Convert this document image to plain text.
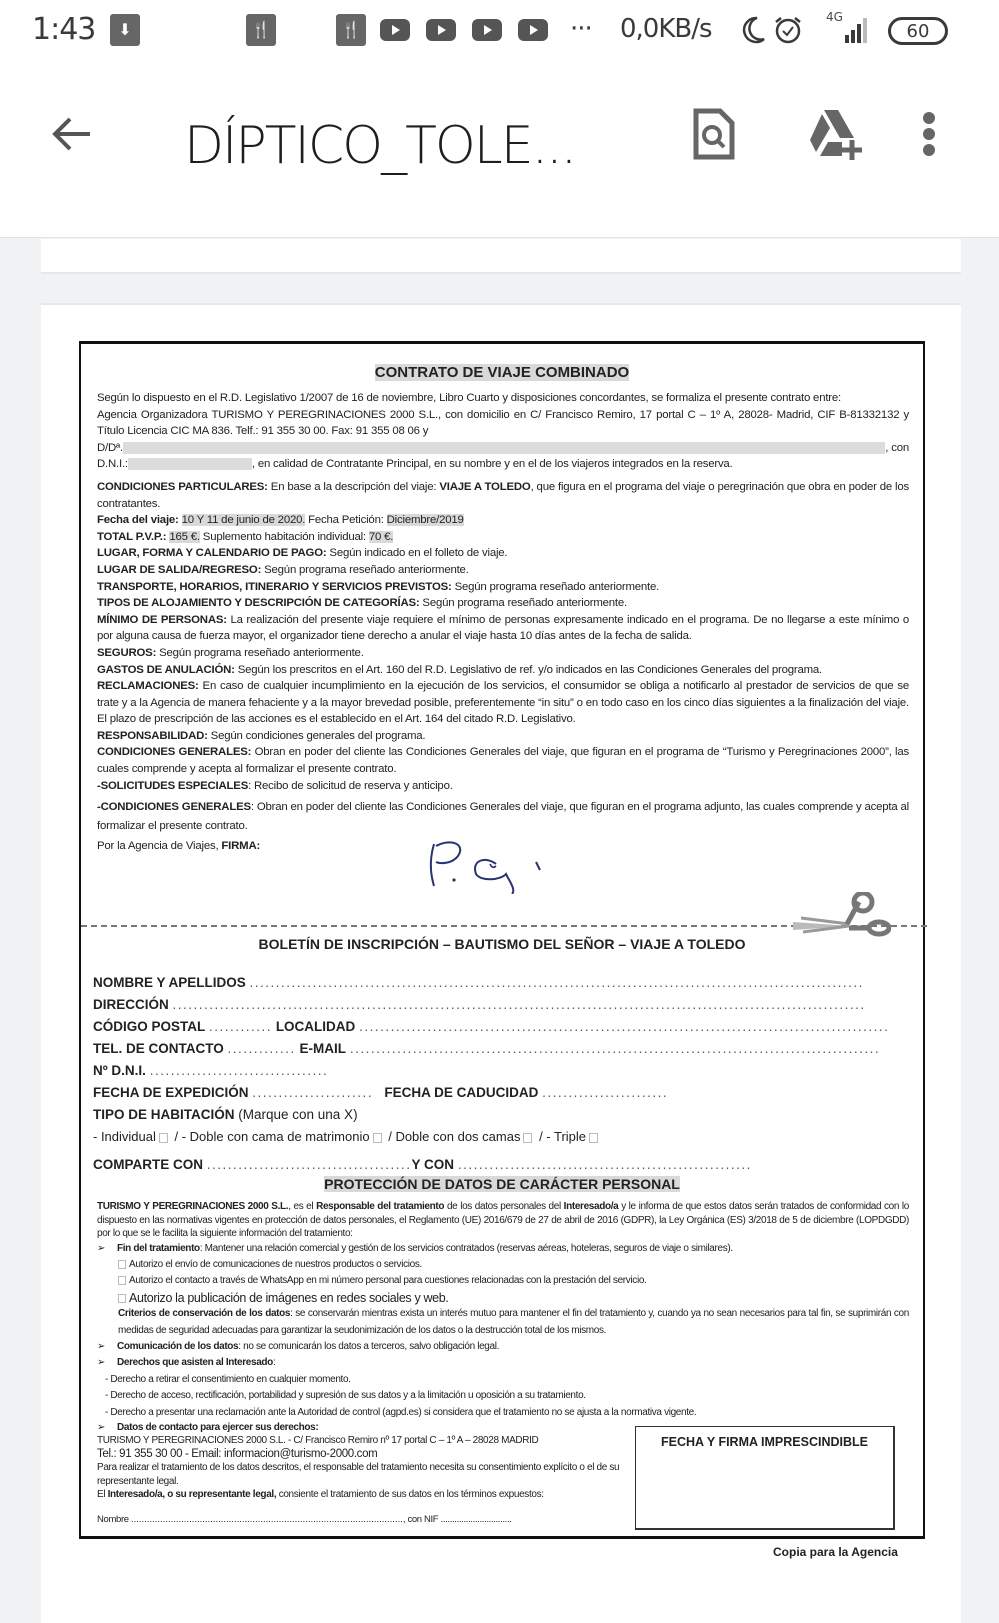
1:43	⬇	🍴	🍴	··· 0,0KB/s	4G
60
DÍPTICO_TOLE...
CONTRATO DE VIAJE COMBINADO

Según lo dispuesto en el R.D. Legislativo 1/2007 de 16 de noviembre, Libro Cuarto y disposiciones concordantes, se formaliza el presente contrato entre:

Agencia Organizadora TURISMO Y PEREGRINACIONES 2000 S.L., con domicilio en C/ Francisco Remiro, 17 portal C – 1º A, 28028- Madrid, CIF B-81332132 y Título Licencia CIC MA 836. Telf.: 91 355 30 00. Fax: 91 355 08 06 y

D/Dª.	, con

D.N.I.:	, en calidad de Contratante Principal, en su nombre y en el de los viajeros integrados en la reserva.

CONDICIONES PARTICULARES: En base a la descripción del viaje: VIAJE A TOLEDO, que figura en el programa del viaje o peregrinación que obra en poder de los contratantes.

Fecha del viaje: 10 Y 11 de junio de 2020. Fecha Petición: Diciembre/2019

TOTAL P.V.P.: 165 €. Suplemento habitación individual: 70 €.

LUGAR, FORMA Y CALENDARIO DE PAGO: Según indicado en el folleto de viaje.

LUGAR DE SALIDA/REGRESO: Según programa reseñado anteriormente.

TRANSPORTE, HORARIOS, ITINERARIO Y SERVICIOS PREVISTOS: Según programa reseñado anteriormente.

TIPOS DE ALOJAMIENTO Y DESCRIPCIÓN DE CATEGORÍAS: Según programa reseñado anteriormente.

MÍNIMO DE PERSONAS: La realización del presente viaje requiere el mínimo de personas expresamente indicado en el programa. De no llegarse a este mínimo o por alguna causa de fuerza mayor, el organizador tiene derecho a anular el viaje hasta 10 días antes de la fecha de salida.

SEGUROS: Según programa reseñado anteriormente.

GASTOS DE ANULACIÓN: Según los prescritos en el Art. 160 del R.D. Legislativo de ref. y/o indicados en las Condiciones Generales del programa.

RECLAMACIONES: En caso de cualquier incumplimiento en la ejecución de los servicios, el consumidor se obliga a notificarlo al prestador de servicios de que se trate y a la Agencia de manera fehaciente y a la mayor brevedad posible, preferentemente “in situ” o en todo caso en los cinco días siguientes a la finalización del viaje. El plazo de prescripción de las acciones es el establecido en el Art. 164 del citado R.D. Legislativo.

RESPONSABILIDAD: Según condiciones generales del programa.

CONDICIONES GENERALES: Obran en poder del cliente las Condiciones Generales del viaje, que figuran en el programa de “Turismo y Peregrinaciones 2000”, las cuales comprende y acepta al formalizar el presente contrato.

-SOLICITUDES ESPECIALES: Recibo de solicitud de reserva y anticipo.

-CONDICIONES GENERALES: Obran en poder del cliente las Condiciones Generales del viaje, que figuran en el programa adjunto, las cuales comprende y acepta al formalizar el presente contrato.

Por la Agencia de Viajes, FIRMA:

BOLETÍN DE INSCRIPCIÓN – BAUTISMO DEL SEÑOR – VIAJE A TOLEDO
NOMBRE Y APELLIDOS .....................................................................................................................
DIRECCIÓN ....................................................................................................................................
CÓDIGO POSTAL ............ LOCALIDAD .....................................................................................................
TEL. DE CONTACTO ............. E-MAIL .....................................................................................................
Nº D.N.I. ..................................
FECHA DE EXPEDICIÓN ....................... FECHA DE CADUCIDAD ........................
TIPO DE HABITACIÓN (Marque con una X)
- Individual / - Doble con cama de matrimonio / Doble con dos camas / - Triple
COMPARTE CON .......................................Y CON ........................................................
PROTECCIÓN DE DATOS DE CARÁCTER PERSONAL

TURISMO Y PEREGRINACIONES 2000 S.L., es el Responsable del tratamiento de los datos personales del Interesado/a y le informa de que estos datos serán tratados de conformidad con lo dispuesto en las normativas vigentes en protección de datos personales, el Reglamento (UE) 2016/679 de 27 de abril de 2016 (GDPR), la Ley Orgánica (ES) 3/2018 de 5 de diciembre (LOPDGDD) por lo que se le facilita la siguiente información del tratamiento:

➢ Fin del tratamiento: Mantener una relación comercial y gestión de los servicios contratados (reservas aéreas, hoteleras, seguros de viaje o similares).

Autorizo el envío de comunicaciones de nuestros productos o servicios.

Autorizo el contacto a través de WhatsApp en mi número personal para cuestiones relacionadas con la prestación del servicio.

Autorizo la publicación de imágenes en redes sociales y web.

Criterios de conservación de los datos: se conservarán mientras exista un interés mutuo para mantener el fin del tratamiento y, cuando ya no sean necesarios para tal fin, se suprimirán con medidas de seguridad adecuadas para garantizar la seudonimización de los datos o la destrucción total de los mismos.

➢ Comunicación de los datos: no se comunicarán los datos a terceros, salvo obligación legal.

➢ Derechos que asisten al Interesado:

- Derecho a retirar el consentimiento en cualquier momento.

- Derecho de acceso, rectificación, portabilidad y supresión de sus datos y a la limitación u oposición a su tratamiento.

- Derecho a presentar una reclamación ante la Autoridad de control (agpd.es) si considera que el tratamiento no se ajusta a la normativa vigente.

➢ Datos de contacto para ejercer sus derechos:

TURISMO Y PEREGRINACIONES 2000 S.L. - C/ Francisco Remiro nº 17 portal C – 1º A – 28028 MADRID

Tel.: 91 355 30 00 - Email: informacion@turismo-2000.com

Para realizar el tratamiento de los datos descritos, el responsable del tratamiento necesita su consentimiento explícito o el de su representante legal.

El Interesado/a, o su representante legal, consiente el tratamiento de sus datos en los términos expuestos:

Nombre ......................................................................................................., con NIF ...............................

FECHA Y FIRMA IMPRESCINDIBLE
Copia para la Agencia
